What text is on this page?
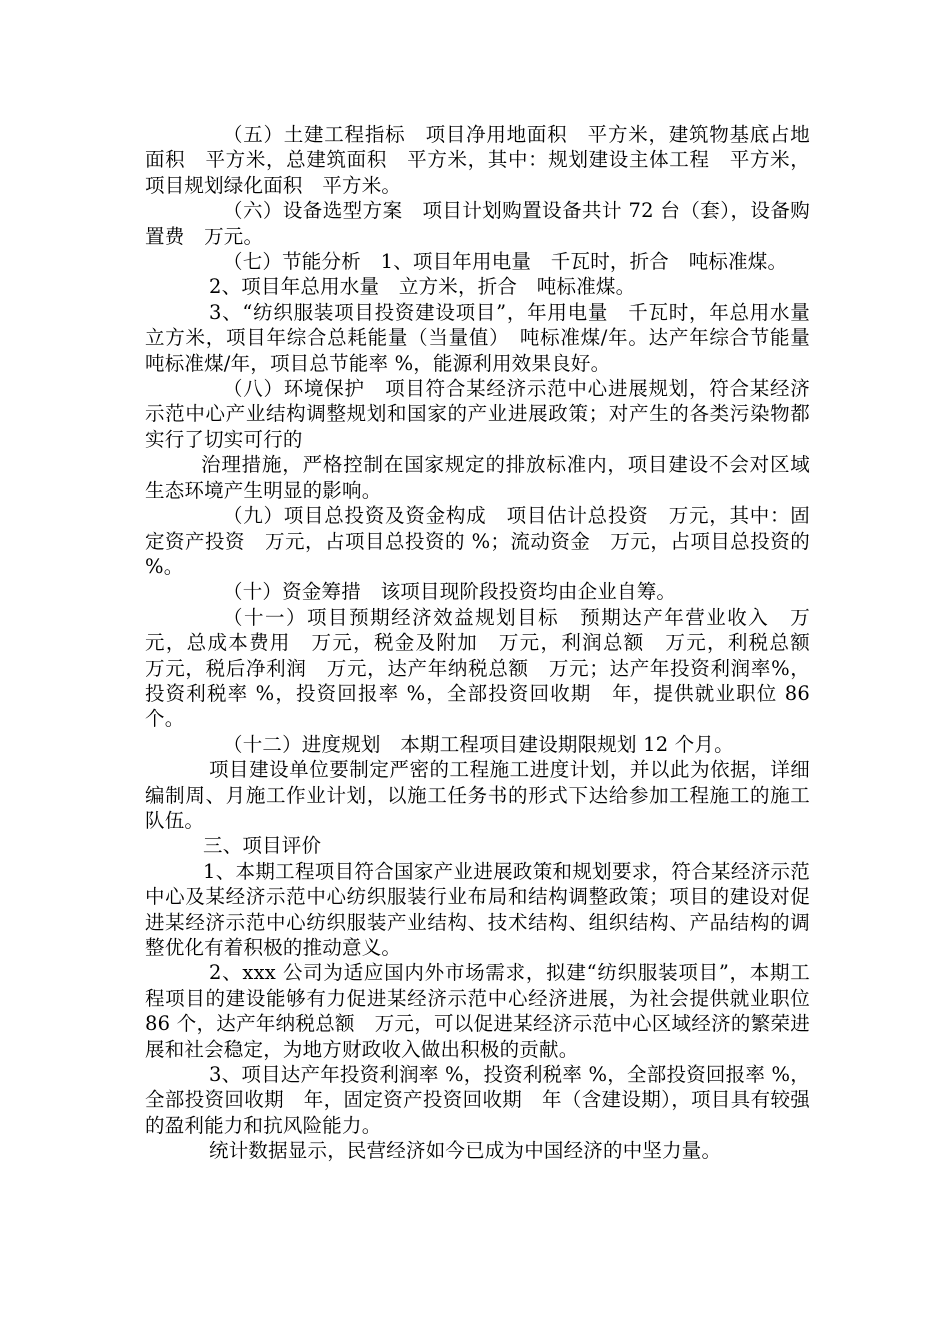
（五）土建工程指标　项目净用地面积　平方米，建筑物基底占地面积　平方米，总建筑面积　平方米，其中：规划建设主体工程　平方米，项目规划绿化面积　平方米。

（六）设备选型方案　项目计划购置设备共计 72 台（套），设备购置费　万元。

（七）节能分析　1、项目年用电量　千瓦时，折合　吨标准煤。

2、项目年总用水量　立方米，折合　吨标准煤。

3、“纺织服装项目投资建设项目”，年用电量　千瓦时，年总用水量　立方米，项目年综合总耗能量（当量值）　吨标准煤/年。达产年综合节能量　吨标准煤/年，项目总节能率 %，能源利用效果良好。

（八）环境保护　项目符合某经济示范中心进展规划，符合某经济示范中心产业结构调整规划和国家的产业进展政策；对产生的各类污染物都实行了切实可行的

治理措施，严格控制在国家规定的排放标准内，项目建设不会对区域生态环境产生明显的影响。

（九）项目总投资及资金构成　项目估计总投资　万元，其中：固定资产投资　万元，占项目总投资的 %；流动资金　万元，占项目总投资的 %。

（十）资金筹措　该项目现阶段投资均由企业自筹。

（十一）项目预期经济效益规划目标　预期达产年营业收入　万元，总成本费用　万元，税金及附加　万元，利润总额　万元，利税总额　万元，税后净利润　万元，达产年纳税总额　万元；达产年投资利润率%，投资利税率 %，投资回报率 %，全部投资回收期　年，提供就业职位 86 个。

（十二）进度规划　本期工程项目建设期限规划 12 个月。

项目建设单位要制定严密的工程施工进度计划，并以此为依据，详细编制周、月施工作业计划，以施工任务书的形式下达给参加工程施工的施工队伍。

三、项目评价

1、本期工程项目符合国家产业进展政策和规划要求，符合某经济示范中心及某经济示范中心纺织服装行业布局和结构调整政策；项目的建设对促进某经济示范中心纺织服装产业结构、技术结构、组织结构、产品结构的调整优化有着积极的推动意义。

2、xxx 公司为适应国内外市场需求，拟建“纺织服装项目”，本期工程项目的建设能够有力促进某经济示范中心经济进展，为社会提供就业职位 86 个，达产年纳税总额　万元，可以促进某经济示范中心区域经济的繁荣进展和社会稳定，为地方财政收入做出积极的贡献。

3、项目达产年投资利润率 %，投资利税率 %，全部投资回报率 %，全部投资回收期　年，固定资产投资回收期　年（含建设期），项目具有较强的盈利能力和抗风险能力。

统计数据显示，民营经济如今已成为中国经济的中坚力量。
